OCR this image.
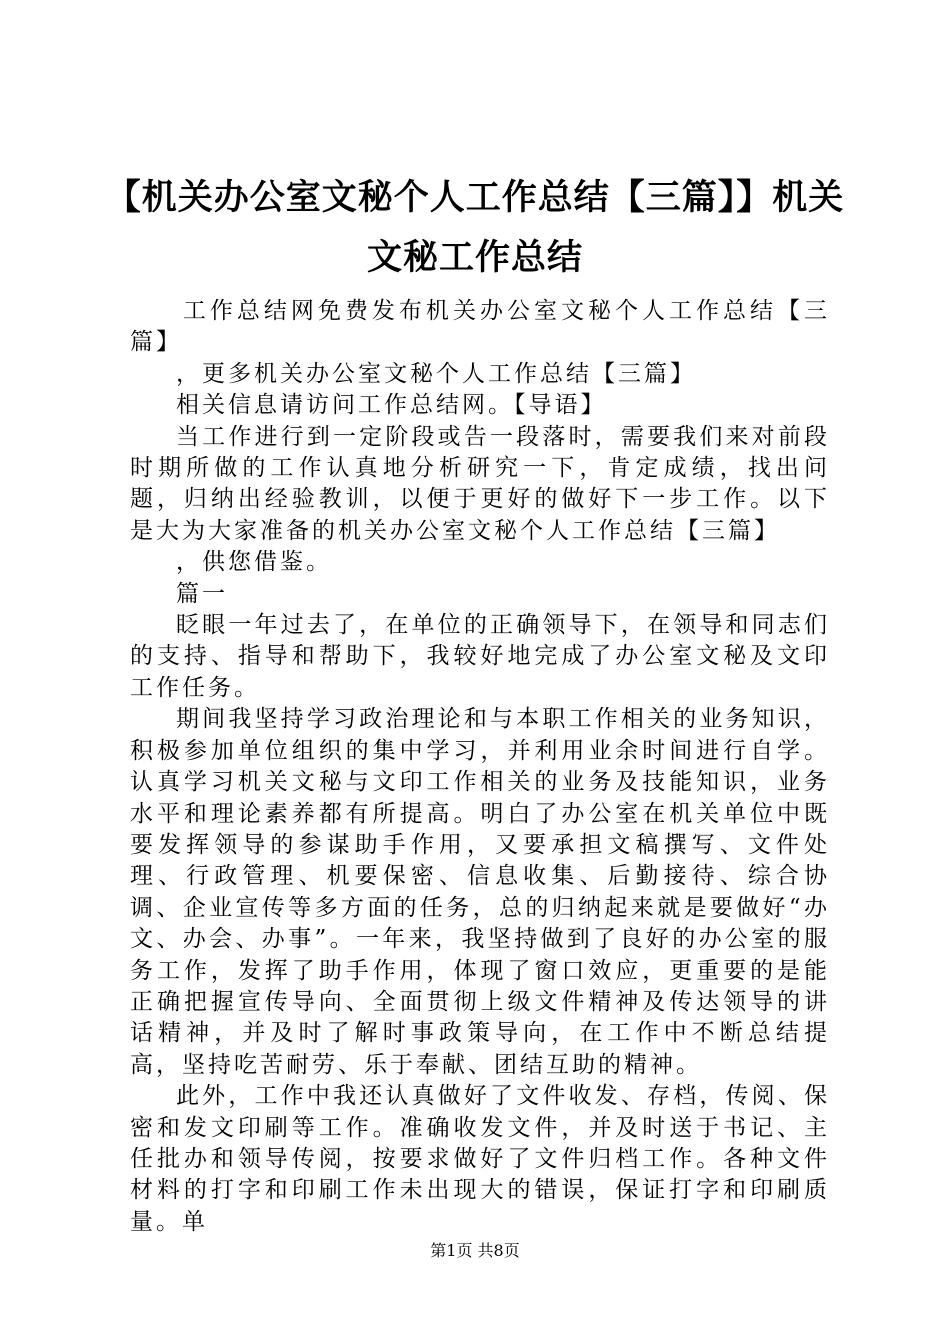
【机关办公室文秘个人工作总结【三篇】】机关文秘工作总结

工作总结网免费发布机关办公室文秘个人工作总结【三篇】

，更多机关办公室文秘个人工作总结【三篇】

相关信息请访问工作总结网。【导语】

当工作进行到一定阶段或告一段落时，需要我们来对前段时期所做的工作认真地分析研究一下，肯定成绩，找出问题，归纳出经验教训，以便于更好的做好下一步工作。以下是大为大家准备的机关办公室文秘个人工作总结【三篇】

，供您借鉴。

篇一

眨眼一年过去了，在单位的正确领导下，在领导和同志们的支持、指导和帮助下，我较好地完成了办公室文秘及文印工作任务。

期间我坚持学习政治理论和与本职工作相关的业务知识，积极参加单位组织的集中学习，并利用业余时间进行自学。认真学习机关文秘与文印工作相关的业务及技能知识，业务水平和理论素养都有所提高。明白了办公室在机关单位中既要发挥领导的参谋助手作用，又要承担文稿撰写、文件处理、行政管理、机要保密、信息收集、后勤接待、综合协调、企业宣传等多方面的任务，总的归纳起来就是要做好“办文、办会、办事”。一年来，我坚持做到了良好的办公室的服务工作，发挥了助手作用，体现了窗口效应，更重要的是能正确把握宣传导向、全面贯彻上级文件精神及传达领导的讲话精神，并及时了解时事政策导向，在工作中不断总结提高，坚持吃苦耐劳、乐于奉献、团结互助的精神。

此外，工作中我还认真做好了文件收发、存档，传阅、保密和发文印刷等工作。准确收发文件，并及时送于书记、主任批办和领导传阅，按要求做好了文件归档工作。各种文件材料的打字和印刷工作未出现大的错误，保证打字和印刷质量。单

第1页 共8页
